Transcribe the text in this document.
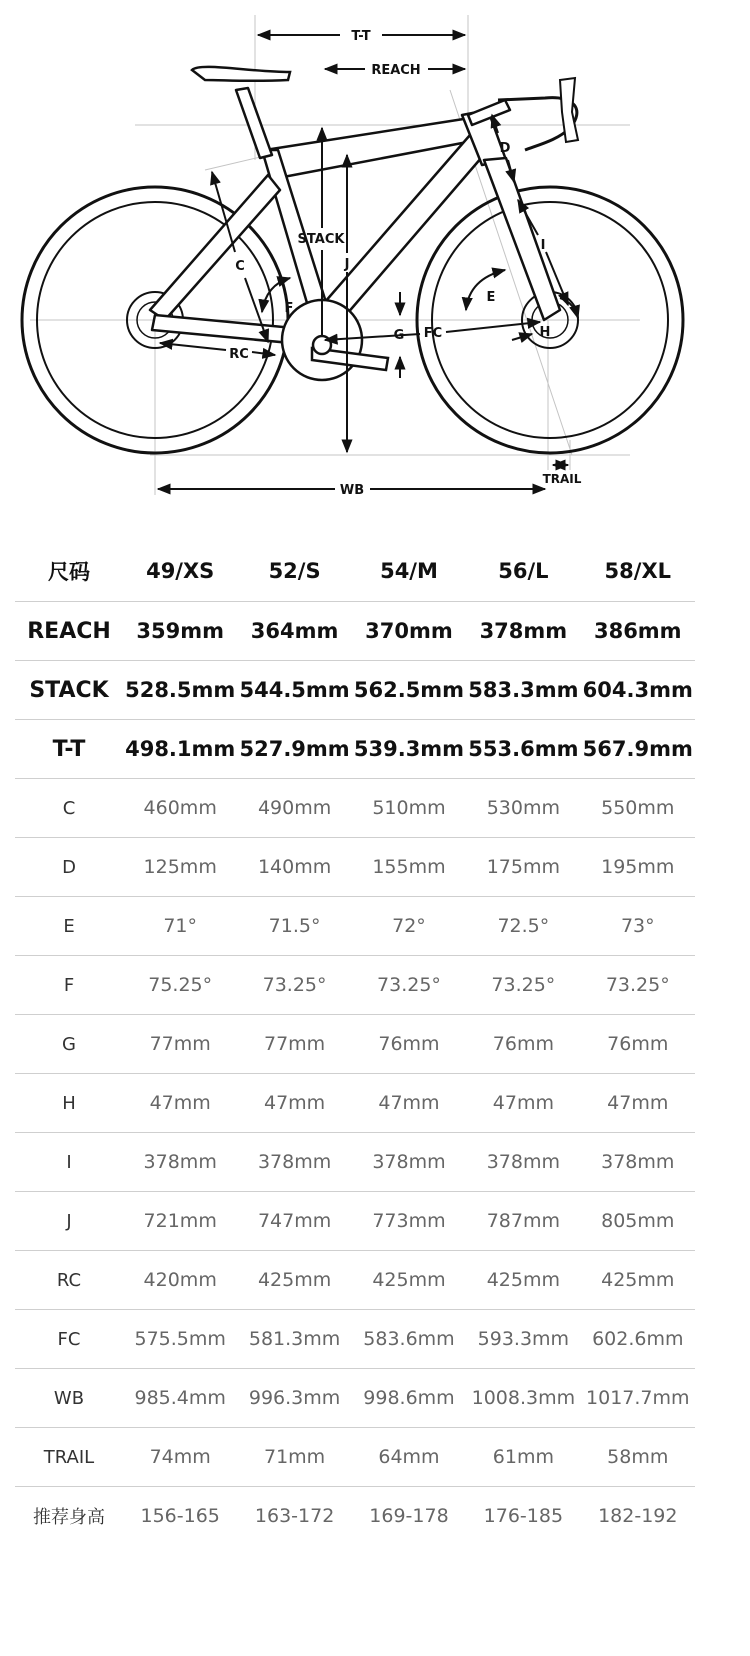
T-T
REACH
STACK
J
D
I
C
F
E
G FC	H
RC
WB
TRAIL
尺码	49/XS	52/S	54/M	56/L	58/XL
REACH	359mm	364mm	370mm	378mm	386mm
STACK	528.5mm	544.5mm	562.5mm	583.3mm	604.3mm
T-T	498.1mm	527.9mm	539.3mm	553.6mm	567.9mm
C	460mm	490mm	510mm	530mm	550mm
D	125mm	140mm	155mm	175mm	195mm
E	71°	71.5°	72°	72.5°	73°
F	75.25°	73.25°	73.25°	73.25°	73.25°
G	77mm	77mm	76mm	76mm	76mm
H	47mm	47mm	47mm	47mm	47mm
I	378mm	378mm	378mm	378mm	378mm
J	721mm	747mm	773mm	787mm	805mm
RC	420mm	425mm	425mm	425mm	425mm
FC	575.5mm	581.3mm	583.6mm	593.3mm	602.6mm
WB	985.4mm	996.3mm	998.6mm	1008.3mm	1017.7mm
TRAIL	74mm	71mm	64mm	61mm	58mm
推荐身高	156-165	163-172	169-178	176-185	182-192
